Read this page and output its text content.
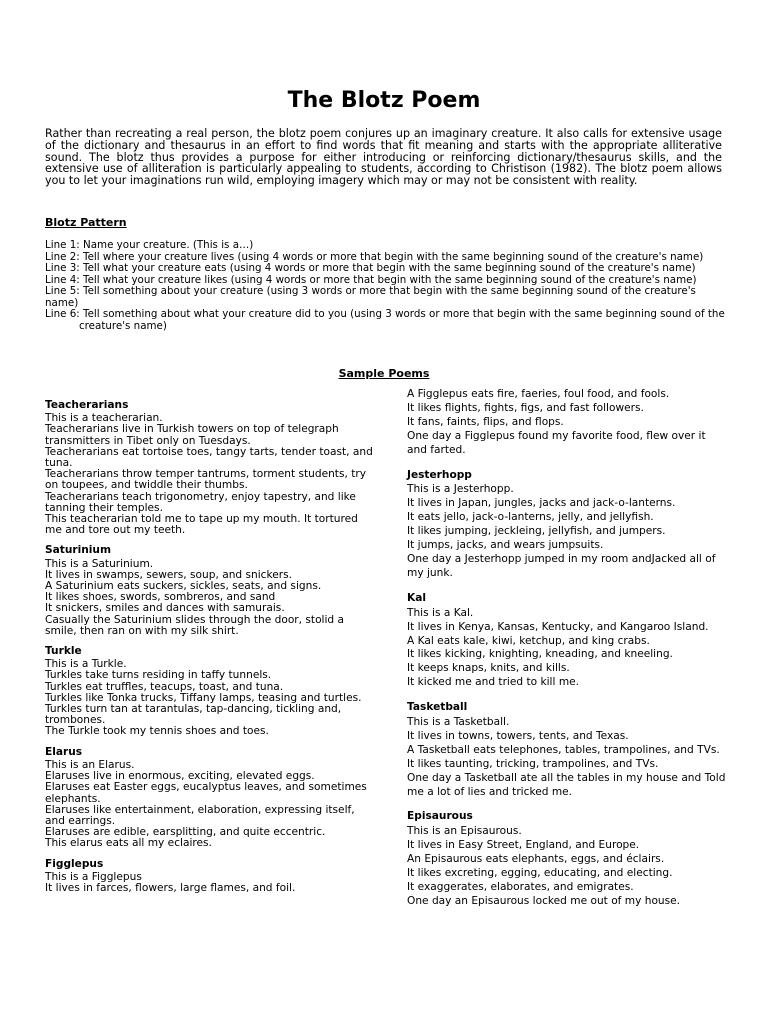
The Blotz Poem

Rather than recreating a real person, the blotz poem conjures up an imaginary creature. It also calls for extensive usage of the dictionary and thesaurus in an effort to find words that fit meaning and starts with the appropriate alliterative sound. The blotz thus provides a purpose for either introducing or reinforcing dictionary/thesaurus skills, and the extensive use of alliteration is particularly appealing to students, according to Christison (1982). The blotz poem allows you to let your imaginations run wild, employing imagery which may or may not be consistent with reality.

Blotz Pattern

Line 1: Name your creature. (This is a…)

Line 2: Tell where your creature lives (using 4 words or more that begin with the same beginning sound of the creature's name)

Line 3: Tell what your creature eats (using 4 words or more that begin with the same beginning sound of the creature's name)

Line 4: Tell what your creature likes (using 4 words or more that begin with the same beginning sound of the creature's name)

Line 5: Tell something about your creature (using 3 words or more that begin with the same beginning sound of the creature's name)

Line 6: Tell something about what your creature did to you (using 3 words or more that begin with the same beginning sound of the creature's name)

Sample Poems

Teacherarians

This is a teacherarian.

Teacherarians live in Turkish towers on top of telegraph transmitters in Tibet only on Tuesdays.

Teacherarians eat tortoise toes, tangy tarts, tender toast, and tuna.

Teacherarians throw temper tantrums, torment students, try on toupees, and twiddle their thumbs.

Teacherarians teach trigonometry, enjoy tapestry, and like tanning their temples.

This teacherarian told me to tape up my mouth. It tortured me and tore out my teeth.

Saturinium

This is a Saturinium.

It lives in swamps, sewers, soup, and snickers.

A Saturinium eats suckers, sickles, seats, and signs.

It likes shoes, swords, sombreros, and sand

It snickers, smiles and dances with samurais.

Casually the Saturinium slides through the door, stolid a smile, then ran on with my silk shirt.

Turkle

This is a Turkle.

Turkles take turns residing in taffy tunnels.

Turkles eat truffles, teacups, toast, and tuna.

Turkles like Tonka trucks, Tiffany lamps, teasing and turtles.

Turkles turn tan at tarantulas, tap-dancing, tickling and, trombones.

The Turkle took my tennis shoes and toes.

Elarus

This is an Elarus.

Elaruses live in enormous, exciting, elevated eggs.

Elaruses eat Easter eggs, eucalyptus leaves, and sometimes elephants.

Elaruses like entertainment, elaboration, expressing itself, and earrings.

Elaruses are edible, earsplitting, and quite eccentric.

This elarus eats all my eclaires.

Figglepus

This is a Figglepus

It lives in farces, flowers, large flames, and foil.

A Figglepus eats fire, faeries, foul food, and fools.

It likes flights, fights, figs, and fast followers.

It fans, faints, flips, and flops.

One day a Figglepus found my favorite food, flew over it and farted.

Jesterhopp

This is a Jesterhopp.

It lives in Japan, jungles, jacks and jack-o-lanterns.

It eats jello, jack-o-lanterns, jelly, and jellyfish.

It likes jumping, jeckleing, jellyfish, and jumpers.

It jumps, jacks, and wears jumpsuits.

One day a Jesterhopp jumped in my room andJacked all of my junk.

Kal

This is a Kal.

It lives in Kenya, Kansas, Kentucky, and Kangaroo Island.

A Kal eats kale, kiwi, ketchup, and king crabs.

It likes kicking, knighting, kneading, and kneeling.

It keeps knaps, knits, and kills.

It kicked me and tried to kill me.

Tasketball

This is a Tasketball.

It lives in towns, towers, tents, and Texas.

A Tasketball eats telephones, tables, trampolines, and TVs.

It likes taunting, tricking, trampolines, and TVs.

One day a Tasketball ate all the tables in my house and Told me a lot of lies and tricked me.

Episaurous

This is an Episaurous.

It lives in Easy Street, England, and Europe.

An Episaurous eats elephants, eggs, and éclairs.

It likes excreting, egging, educating, and electing.

It exaggerates, elaborates, and emigrates.

One day an Episaurous locked me out of my house.
